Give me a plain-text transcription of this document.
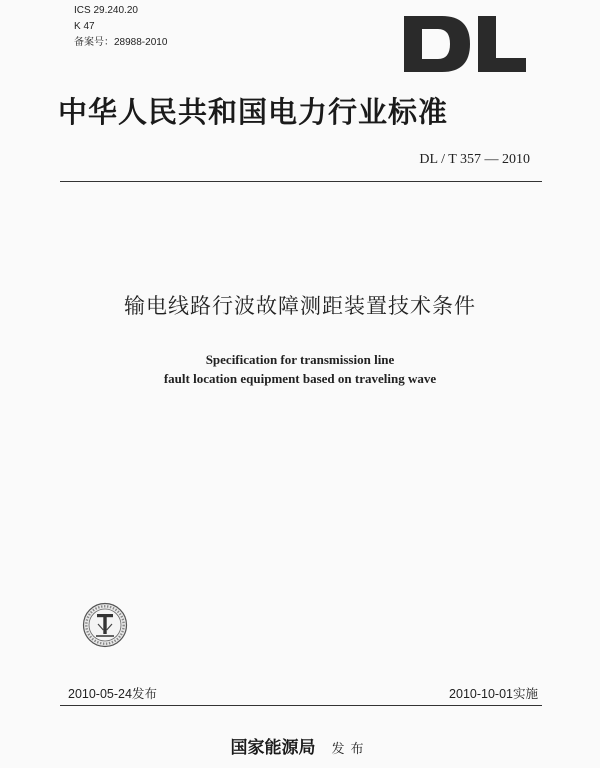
ICS 29.240.20
K 47
备案号：28988-2010
中华人民共和国电力行业标准
DL / T 357 — 2010
输电线路行波故障测距装置技术条件
Specification for transmission line
fault location equipment based on traveling wave
2010-05-24发布	2010-10-01实施
国家能源局 发布
